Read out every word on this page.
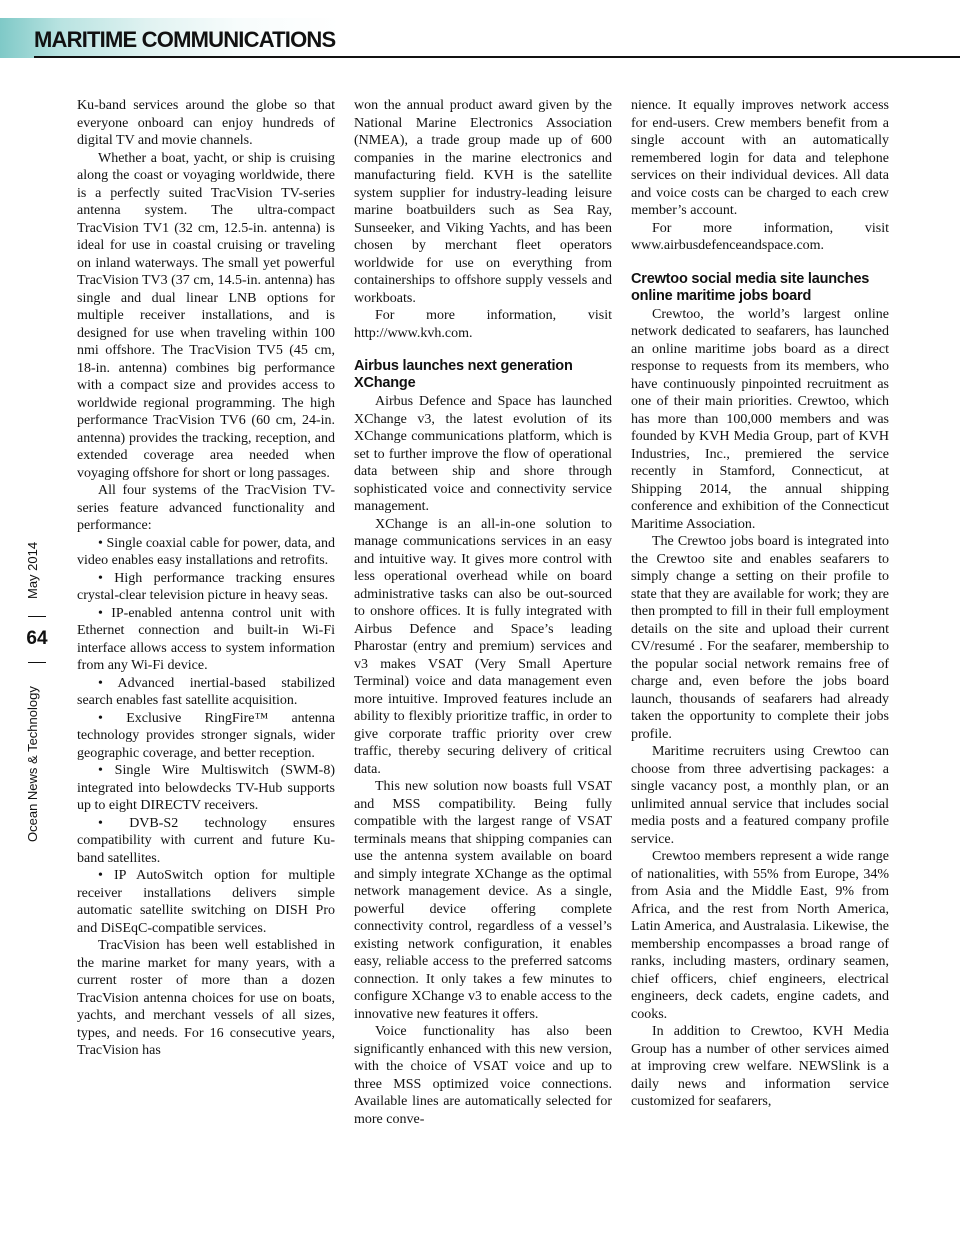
MARITIME COMMUNICATIONS
May 2014
64
Ocean News & Technology

Ku-band services around the globe so that everyone onboard can enjoy hundreds of digital TV and movie channels.

Whether a boat, yacht, or ship is cruising along the coast or voyaging worldwide, there is a perfectly suited TracVision TV-series antenna system. The ultra-compact TracVision TV1 (32 cm, 12.5-in. antenna) is ideal for use in coastal cruising or traveling on inland waterways. The small yet powerful TracVision TV3 (37 cm, 14.5-in. antenna) has single and dual linear LNB options for multiple receiver installations, and is designed for use when traveling within 100 nmi offshore. The TracVision TV5 (45 cm, 18-in. antenna) combines big performance with a compact size and provides access to worldwide regional programming. The high performance TracVision TV6 (60 cm, 24-in. antenna) provides the tracking, reception, and extended coverage area needed when voyaging offshore for short or long passages.

All four systems of the TracVision TV-series feature advanced functionality and performance:

• Single coaxial cable for power, data, and video enables easy installations and retrofits.

• High performance tracking ensures crystal-clear television picture in heavy seas.

• IP-enabled antenna control unit with Ethernet connection and built-in Wi-Fi interface allows access to system information from any Wi-Fi device.

• Advanced inertial-based stabilized search enables fast satellite acquisition.

• Exclusive RingFire™ antenna technology provides stronger signals, wider geographic coverage, and better reception.

• Single Wire Multiswitch (SWM-8) integrated into belowdecks TV-Hub supports up to eight DIRECTV receivers.

• DVB-S2 technology ensures compatibility with current and future Ku-band satellites.

• IP AutoSwitch option for multiple receiver installations delivers simple automatic satellite switching on DISH Pro and DiSEqC-compatible services.

TracVision has been well established in the marine market for many years, with a current roster of more than a dozen TracVision antenna choices for use on boats, yachts, and merchant vessels of all sizes, types, and needs. For 16 consecutive years, TracVision has

won the annual product award given by the National Marine Electronics Association (NMEA), a trade group made up of 600 companies in the marine electronics and manufacturing field. KVH is the satellite system supplier for industry-leading leisure marine boatbuilders such as Sea Ray, Sunseeker, and Viking Yachts, and has been chosen by merchant fleet operators worldwide for use on everything from containerships to offshore supply vessels and workboats.

For more information, visit http://www.kvh.com.

Airbus launches next generation XChange

Airbus Defence and Space has launched XChange v3, the latest evolution of its XChange communications platform, which is set to further improve the flow of operational data between ship and shore through sophisticated voice and connectivity service management.

XChange is an all-in-one solution to manage communications services in an easy and intuitive way. It gives more control with less operational overhead while on board administrative tasks can also be out-sourced to onshore offices. It is fully integrated with Airbus Defence and Space’s leading Pharostar (entry and premium) services and v3 makes VSAT (Very Small Aperture Terminal) voice and data management even more intuitive. Improved features include an ability to flexibly prioritize traffic, in order to give corporate traffic priority over crew traffic, thereby securing delivery of critical data.

This new solution now boasts full VSAT and MSS compatibility. Being fully compatible with the largest range of VSAT terminals means that shipping companies can use the antenna system available on board and simply integrate XChange as the optimal network management device. As a single, powerful device offering complete connectivity control, regardless of a vessel’s existing network configuration, it enables easy, reliable access to the preferred satcoms connection. It only takes a few minutes to configure XChange v3 to enable access to the innovative new features it offers.

Voice functionality has also been significantly enhanced with this new version, with the choice of VSAT voice and up to three MSS optimized voice connections. Available lines are automatically selected for more conve-

nience. It equally improves network access for end-users. Crew members benefit from a single account with an automatically remembered login for data and telephone services on their individual devices. All data and voice costs can be charged to each crew member’s account.

For more information, visit www.airbusdefenceandspace.com.

Crewtoo social media site launches online maritime jobs board

Crewtoo, the world’s largest online network dedicated to seafarers, has launched an online maritime jobs board as a direct response to requests from its members, who have continuously pinpointed recruitment as one of their main priorities. Crewtoo, which has more than 100,000 members and was founded by KVH Media Group, part of KVH Industries, Inc., premiered the service recently in Stamford, Connecticut, at Shipping 2014, the annual shipping conference and exhibition of the Connecticut Maritime Association.

The Crewtoo jobs board is integrated into the Crewtoo site and enables seafarers to simply change a setting on their profile to state that they are available for work; they are then prompted to fill in their full employment details on the site and upload their current CV/resumé . For the seafarer, membership to the popular social network remains free of charge and, even before the jobs board launch, thousands of seafarers had already taken the opportunity to complete their jobs profile.

Maritime recruiters using Crewtoo can choose from three advertising packages: a single vacancy post, a monthly plan, or an unlimited annual service that includes social media posts and a featured company profile service.

Crewtoo members represent a wide range of nationalities, with 55% from Europe, 34% from Asia and the Middle East, 9% from Africa, and the rest from North America, Latin America, and Australasia. Likewise, the membership encompasses a broad range of ranks, including masters, ordinary seamen, chief officers, chief engineers, electrical engineers, deck cadets, engine cadets, and cooks.

In addition to Crewtoo, KVH Media Group has a number of other services aimed at improving crew welfare. NEWSlink is a daily news and information service customized for seafarers,
